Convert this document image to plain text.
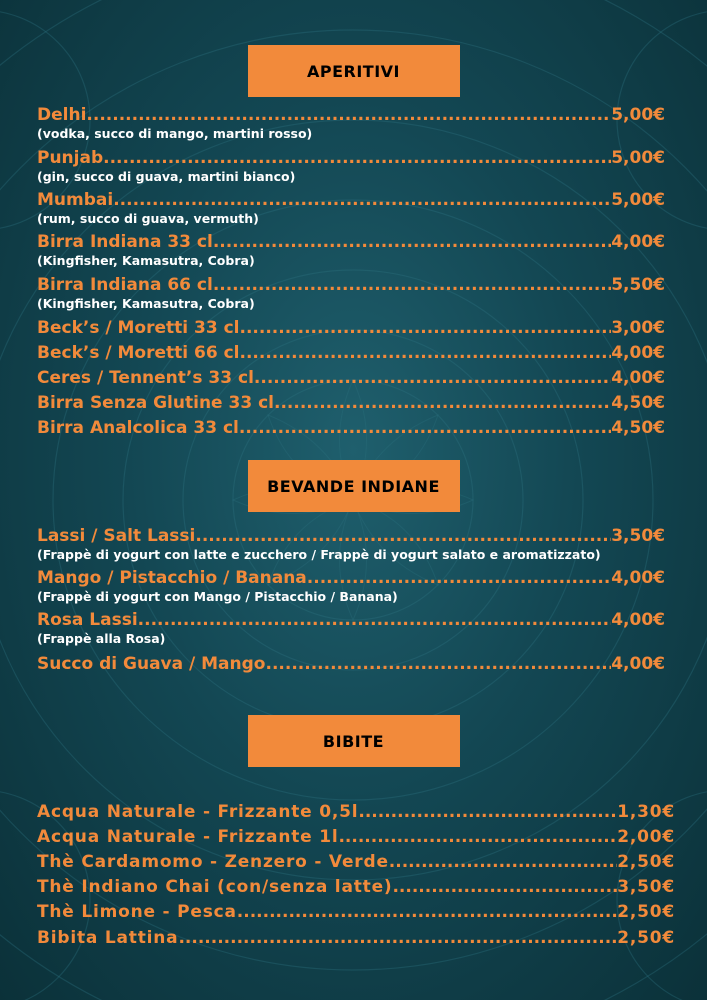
APERITIVI
Delhi .....	5,00€
(vodka, succo di mango, martini rosso)
Punjab .....	5,00€
(gin, succo di guava, martini bianco)
Mumbai .....	5,00€
(rum, succo di guava, vermuth)
Birra Indiana 33 cl .....	4,00€
(Kingfisher, Kamasutra, Cobra)
Birra Indiana 66 cl .....	5,50€
(Kingfisher, Kamasutra, Cobra)
Beck’s / Moretti 33 cl .....	3,00€
Beck’s / Moretti 66 cl .....	4,00€
Ceres / Tennent’s 33 cl .....	4,00€
Birra Senza Glutine 33 cl .....	4,50€
Birra Analcolica 33 cl .....	4,50€
BEVANDE INDIANE
Lassi / Salt Lassi .....	3,50€
(Frappè di yogurt con latte e zucchero / Frappè di yogurt salato e aromatizzato)
Mango / Pistacchio / Banana .....	4,00€
(Frappè di yogurt con Mango / Pistacchio / Banana)
Rosa Lassi .....	4,00€
(Frappè alla Rosa)
Succo di Guava / Mango .....	4,00€
BIBITE
Acqua Naturale - Frizzante 0,5l .....	1,30€
Acqua Naturale - Frizzante 1l .....	2,00€
Thè Cardamomo - Zenzero - Verde .....	2,50€
Thè Indiano Chai (con/senza latte) .....	3,50€
Thè Limone - Pesca .....	2,50€
Bibita Lattina .....	2,50€
